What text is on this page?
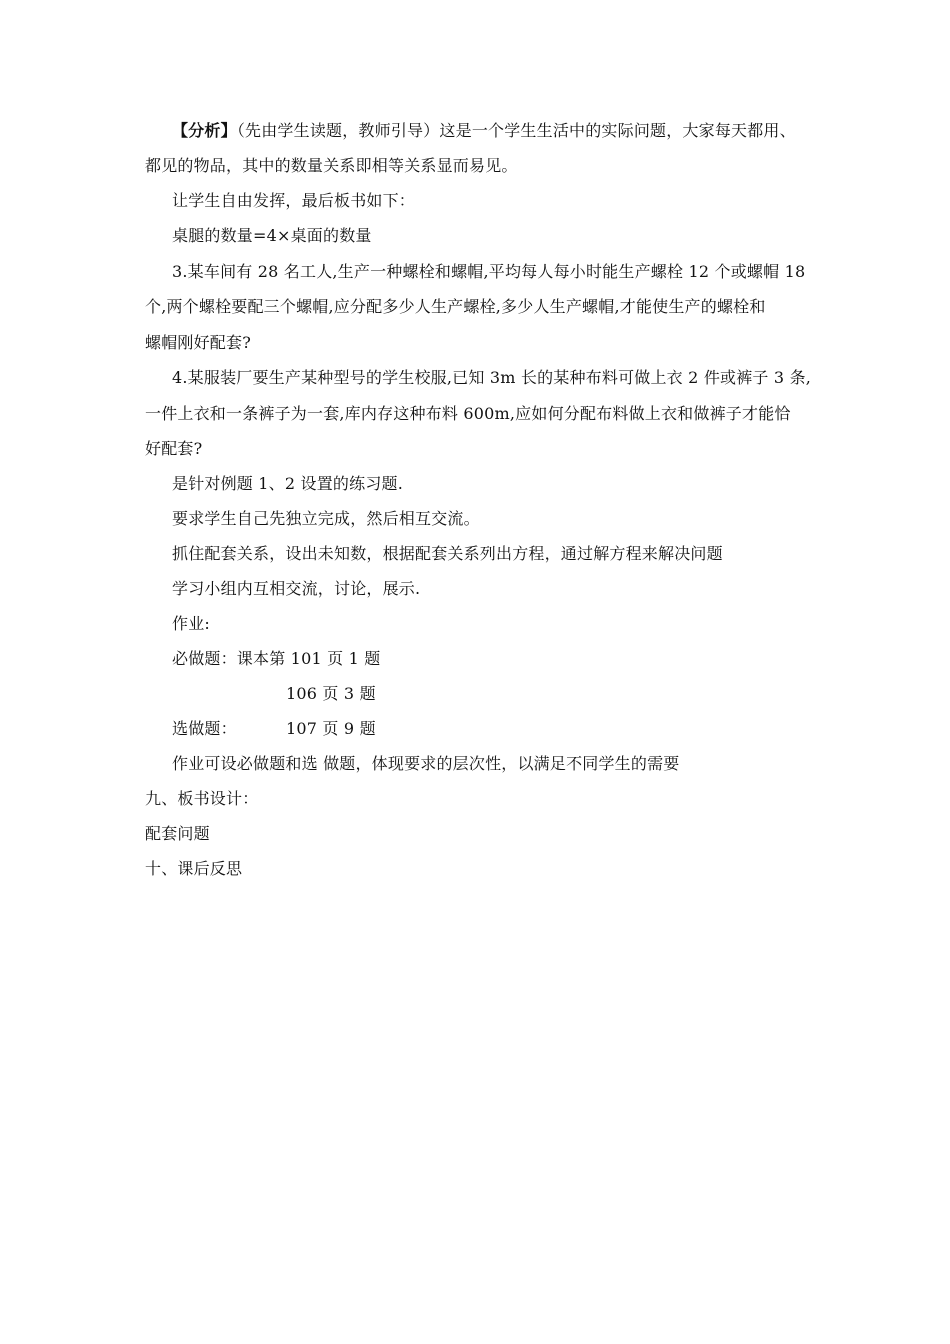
【分析】（先由学生读题，教师引导）这是一个学生生活中的实际问题，大家每天都用、
都见的物品，其中的数量关系即相等关系显而易见。
让学生自由发挥，最后板书如下：
桌腿的数量=4×桌面的数量
3.某车间有 28 名工人,生产一种螺栓和螺帽,平均每人每小时能生产螺栓 12 个或螺帽 18
个,两个螺栓要配三个螺帽,应分配多少人生产螺栓,多少人生产螺帽,才能使生产的螺栓和
螺帽刚好配套?
4.某服装厂要生产某种型号的学生校服,已知 3m 长的某种布料可做上衣 2 件或裤子 3 条,
一件上衣和一条裤子为一套,库内存这种布料 600m,应如何分配布料做上衣和做裤子才能恰
好配套?
是针对例题 1、2 设置的练习题.
要求学生自己先独立完成，然后相互交流。
抓住配套关系，设出未知数，根据配套关系列出方程，通过解方程来解决问题
学习小组内互相交流，讨论，展示.
作业:
必做题：课本第 101 页 1 题
106 页 3 题
选做题：	107 页 9 题
作业可设必做题和选 做题，体现要求的层次性，以满足不同学生的需要
九、板书设计：
配套问题
十、课后反思
